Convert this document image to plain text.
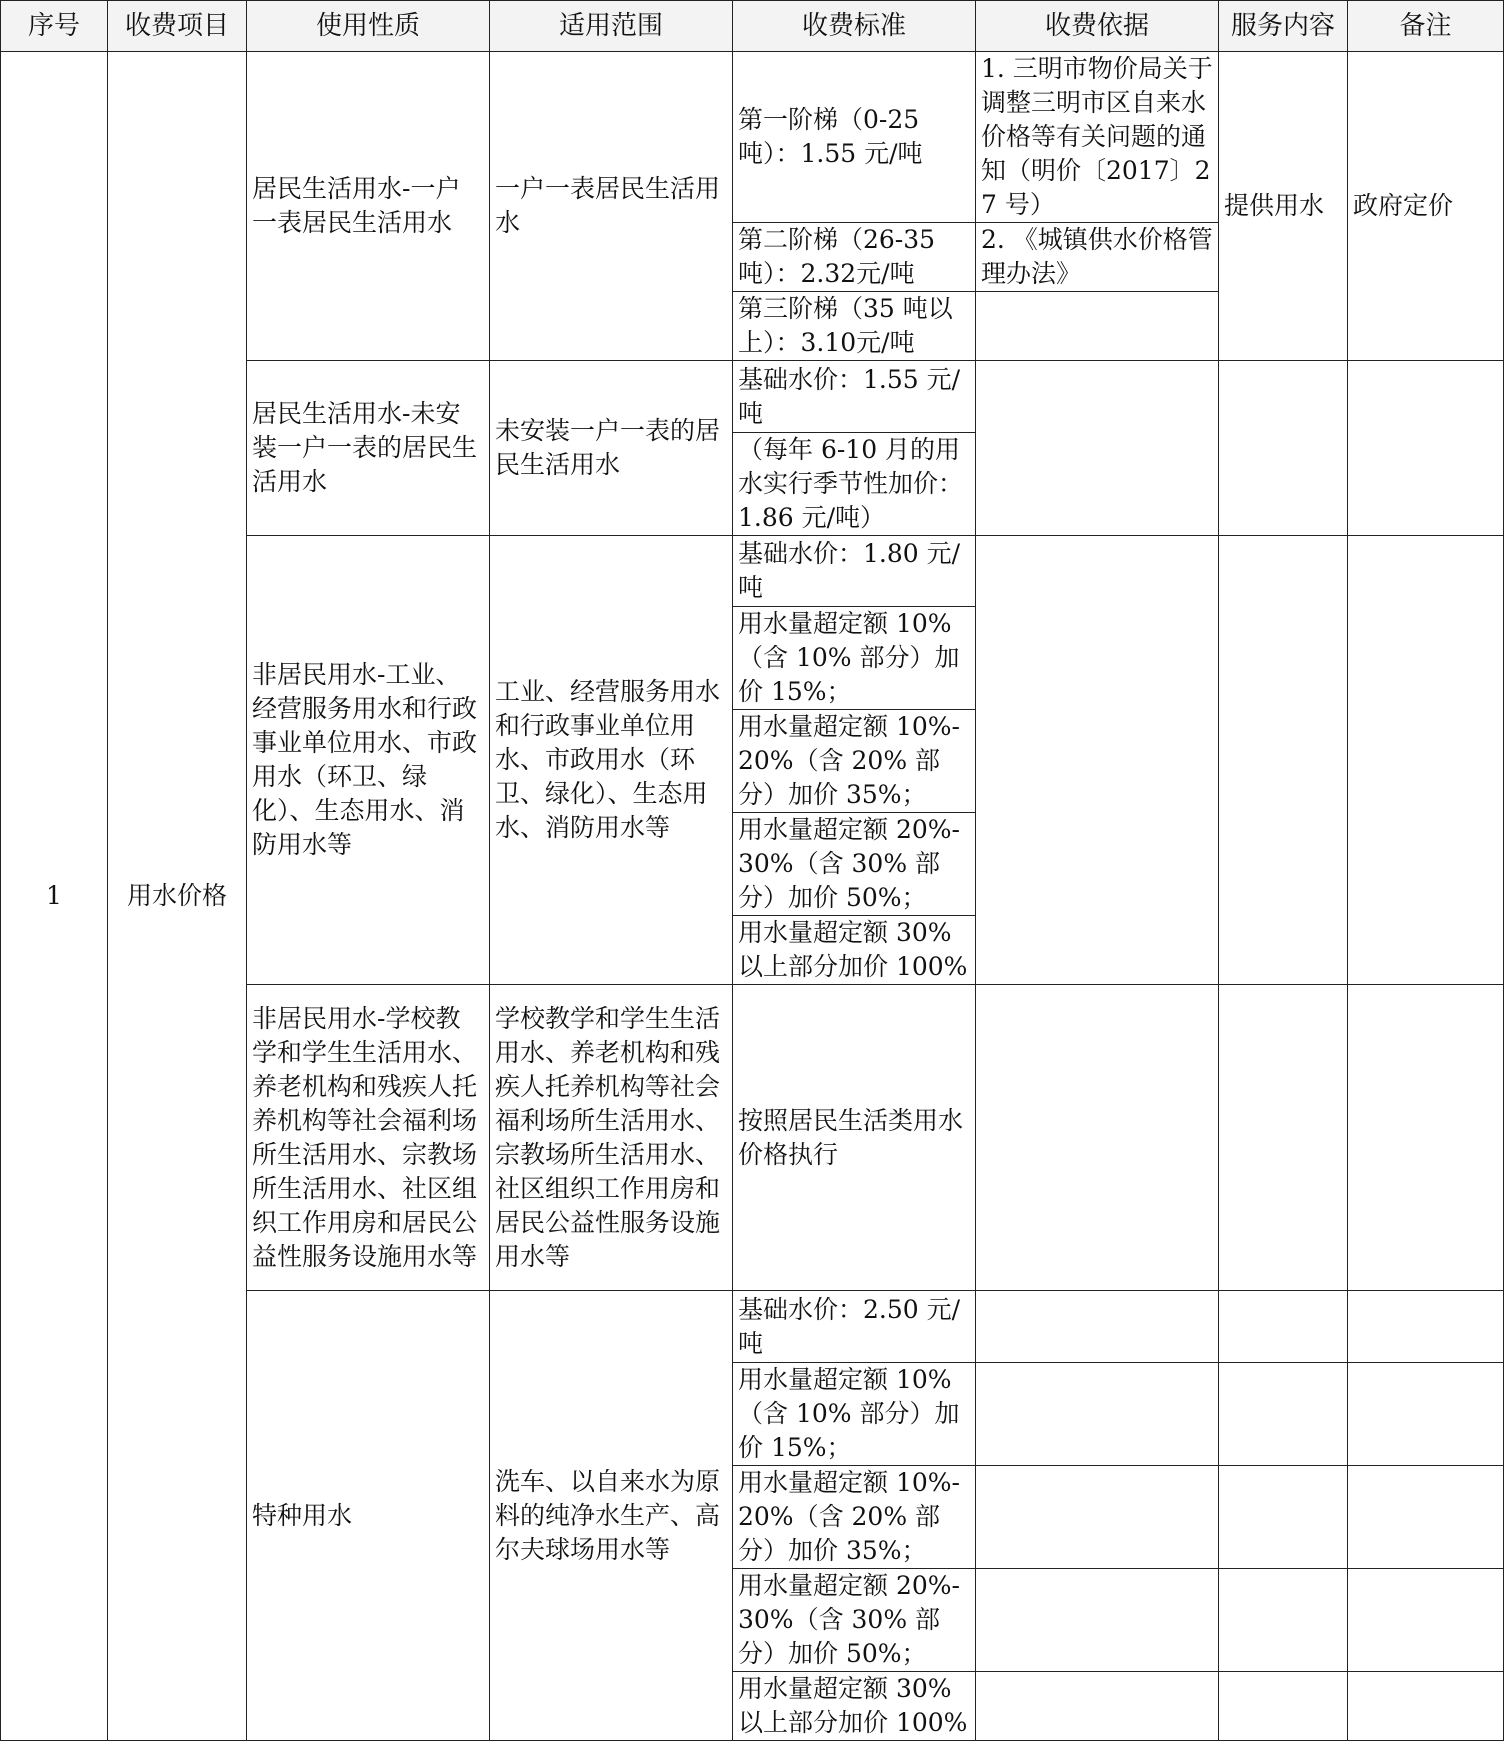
序号	收费项目	使用性质	适用范围	收费标准	收费依据	服务内容	备注
1	用水价格	居民生活用水-一户一表居民生活用水	一户一表居民生活用水	第一阶梯（0-25 吨）：1.55 元/吨	1. 三明市物价局关于调整三明市区自来水价格等有关问题的通知（明价〔2017〕27 号）	提供用水	政府定价
				第二阶梯（26-35 吨）：2.32元/吨	2. 《城镇供水价格管理办法》		
				第三阶梯（35 吨以上）：3.10元/吨			
		居民生活用水-未安装一户一表的居民生活用水	未安装一户一表的居民生活用水	基础水价：1.55 元/吨			
				（每年 6-10 月的用水实行季节性加价：1.86 元/吨）			
		非居民用水-工业、经营服务用水和行政事业单位用水、市政用水（环卫、绿化）、生态用水、消防用水等	工业、经营服务用水和行政事业单位用水、市政用水（环卫、绿化）、生态用水、消防用水等	基础水价：1.80 元/吨			
				用水量超定额 10%（含 10% 部分）加价 15%；			
				用水量超定额 10%-20%（含 20% 部分）加价 35%；			
				用水量超定额 20%-30%（含 30% 部分）加价 50%；			
				用水量超定额 30% 以上部分加价 100%			
		非居民用水-学校教学和学生生活用水、养老机构和残疾人托养机构等社会福利场所生活用水、宗教场所生活用水、社区组织工作用房和居民公益性服务设施用水等	学校教学和学生生活用水、养老机构和残疾人托养机构等社会福利场所生活用水、宗教场所生活用水、社区组织工作用房和居民公益性服务设施用水等	按照居民生活类用水价格执行			
		特种用水	洗车、以自来水为原料的纯净水生产、高尔夫球场用水等	基础水价：2.50 元/吨			
				用水量超定额 10%（含 10% 部分）加价 15%；			
				用水量超定额 10%-20%（含 20% 部分）加价 35%；			
				用水量超定额 20%-30%（含 30% 部分）加价 50%；			
				用水量超定额 30% 以上部分加价 100%			
